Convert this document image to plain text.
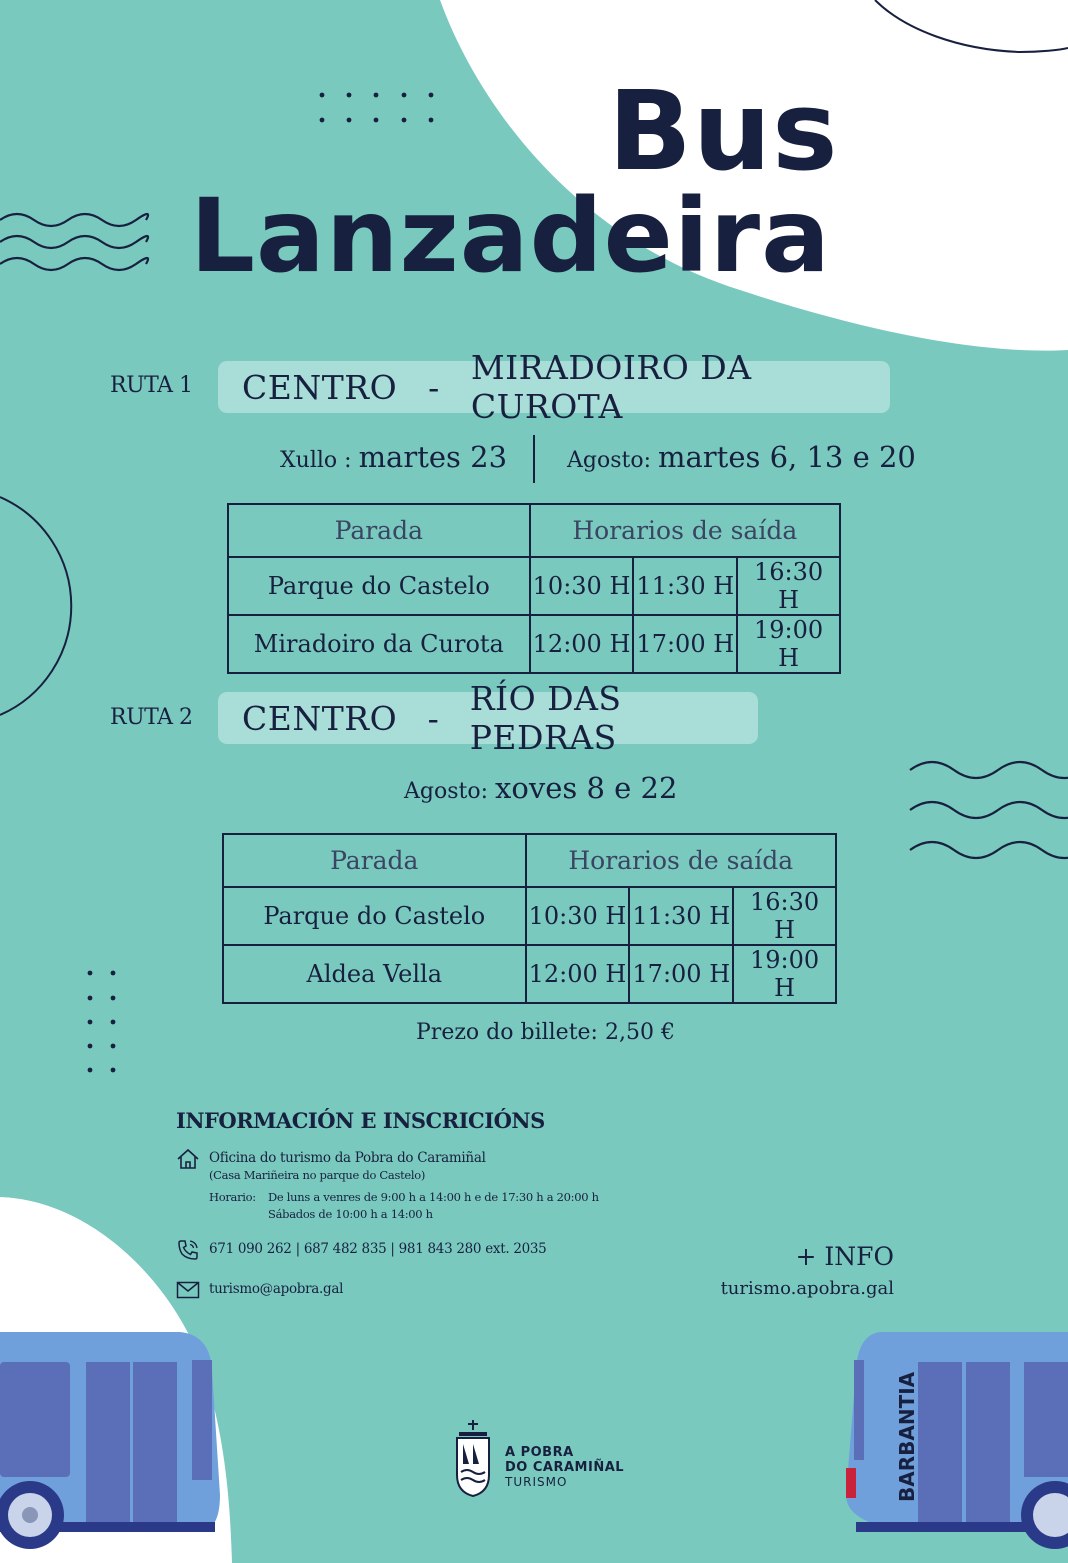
BARBANTIA
Bus
Lanzadeira
RUTA 1 CENTRO - MIRADOIRO DA CUROTA
Xullo : martes 23	Agosto: martes 6, 13 e 20
Parada	Horarios de saída		
Parque do Castelo	10:30 H	11:30 H	16:30 H
Miradoiro da Curota	12:00 H	17:00 H	19:00 H
RUTA 2 CENTRO - RÍO DAS PEDRAS
Agosto: xoves 8 e 22
Parada	Horarios de saída		
Parque do Castelo	10:30 H	11:30 H	16:30 H
Aldea Vella	12:00 H	17:00 H	19:00 H
Prezo do billete: 2,50 €
INFORMACIÓN E INSCRICIÓNS
Oficina do turismo da Pobra do Caramiñal
(Casa Mariñeira no parque do Castelo)
Horario: De luns a venres de 9:00 h a 14:00 h e de 17:30 h a 20:00 h
Sábados de 10:00 h a 14:00 h
671 090 262 | 687 482 835 | 981 843 280 ext. 2035
turismo@apobra.gal
+ INFO
turismo.apobra.gal
A POBRA
DO CARAMIÑAL
TURISMO
